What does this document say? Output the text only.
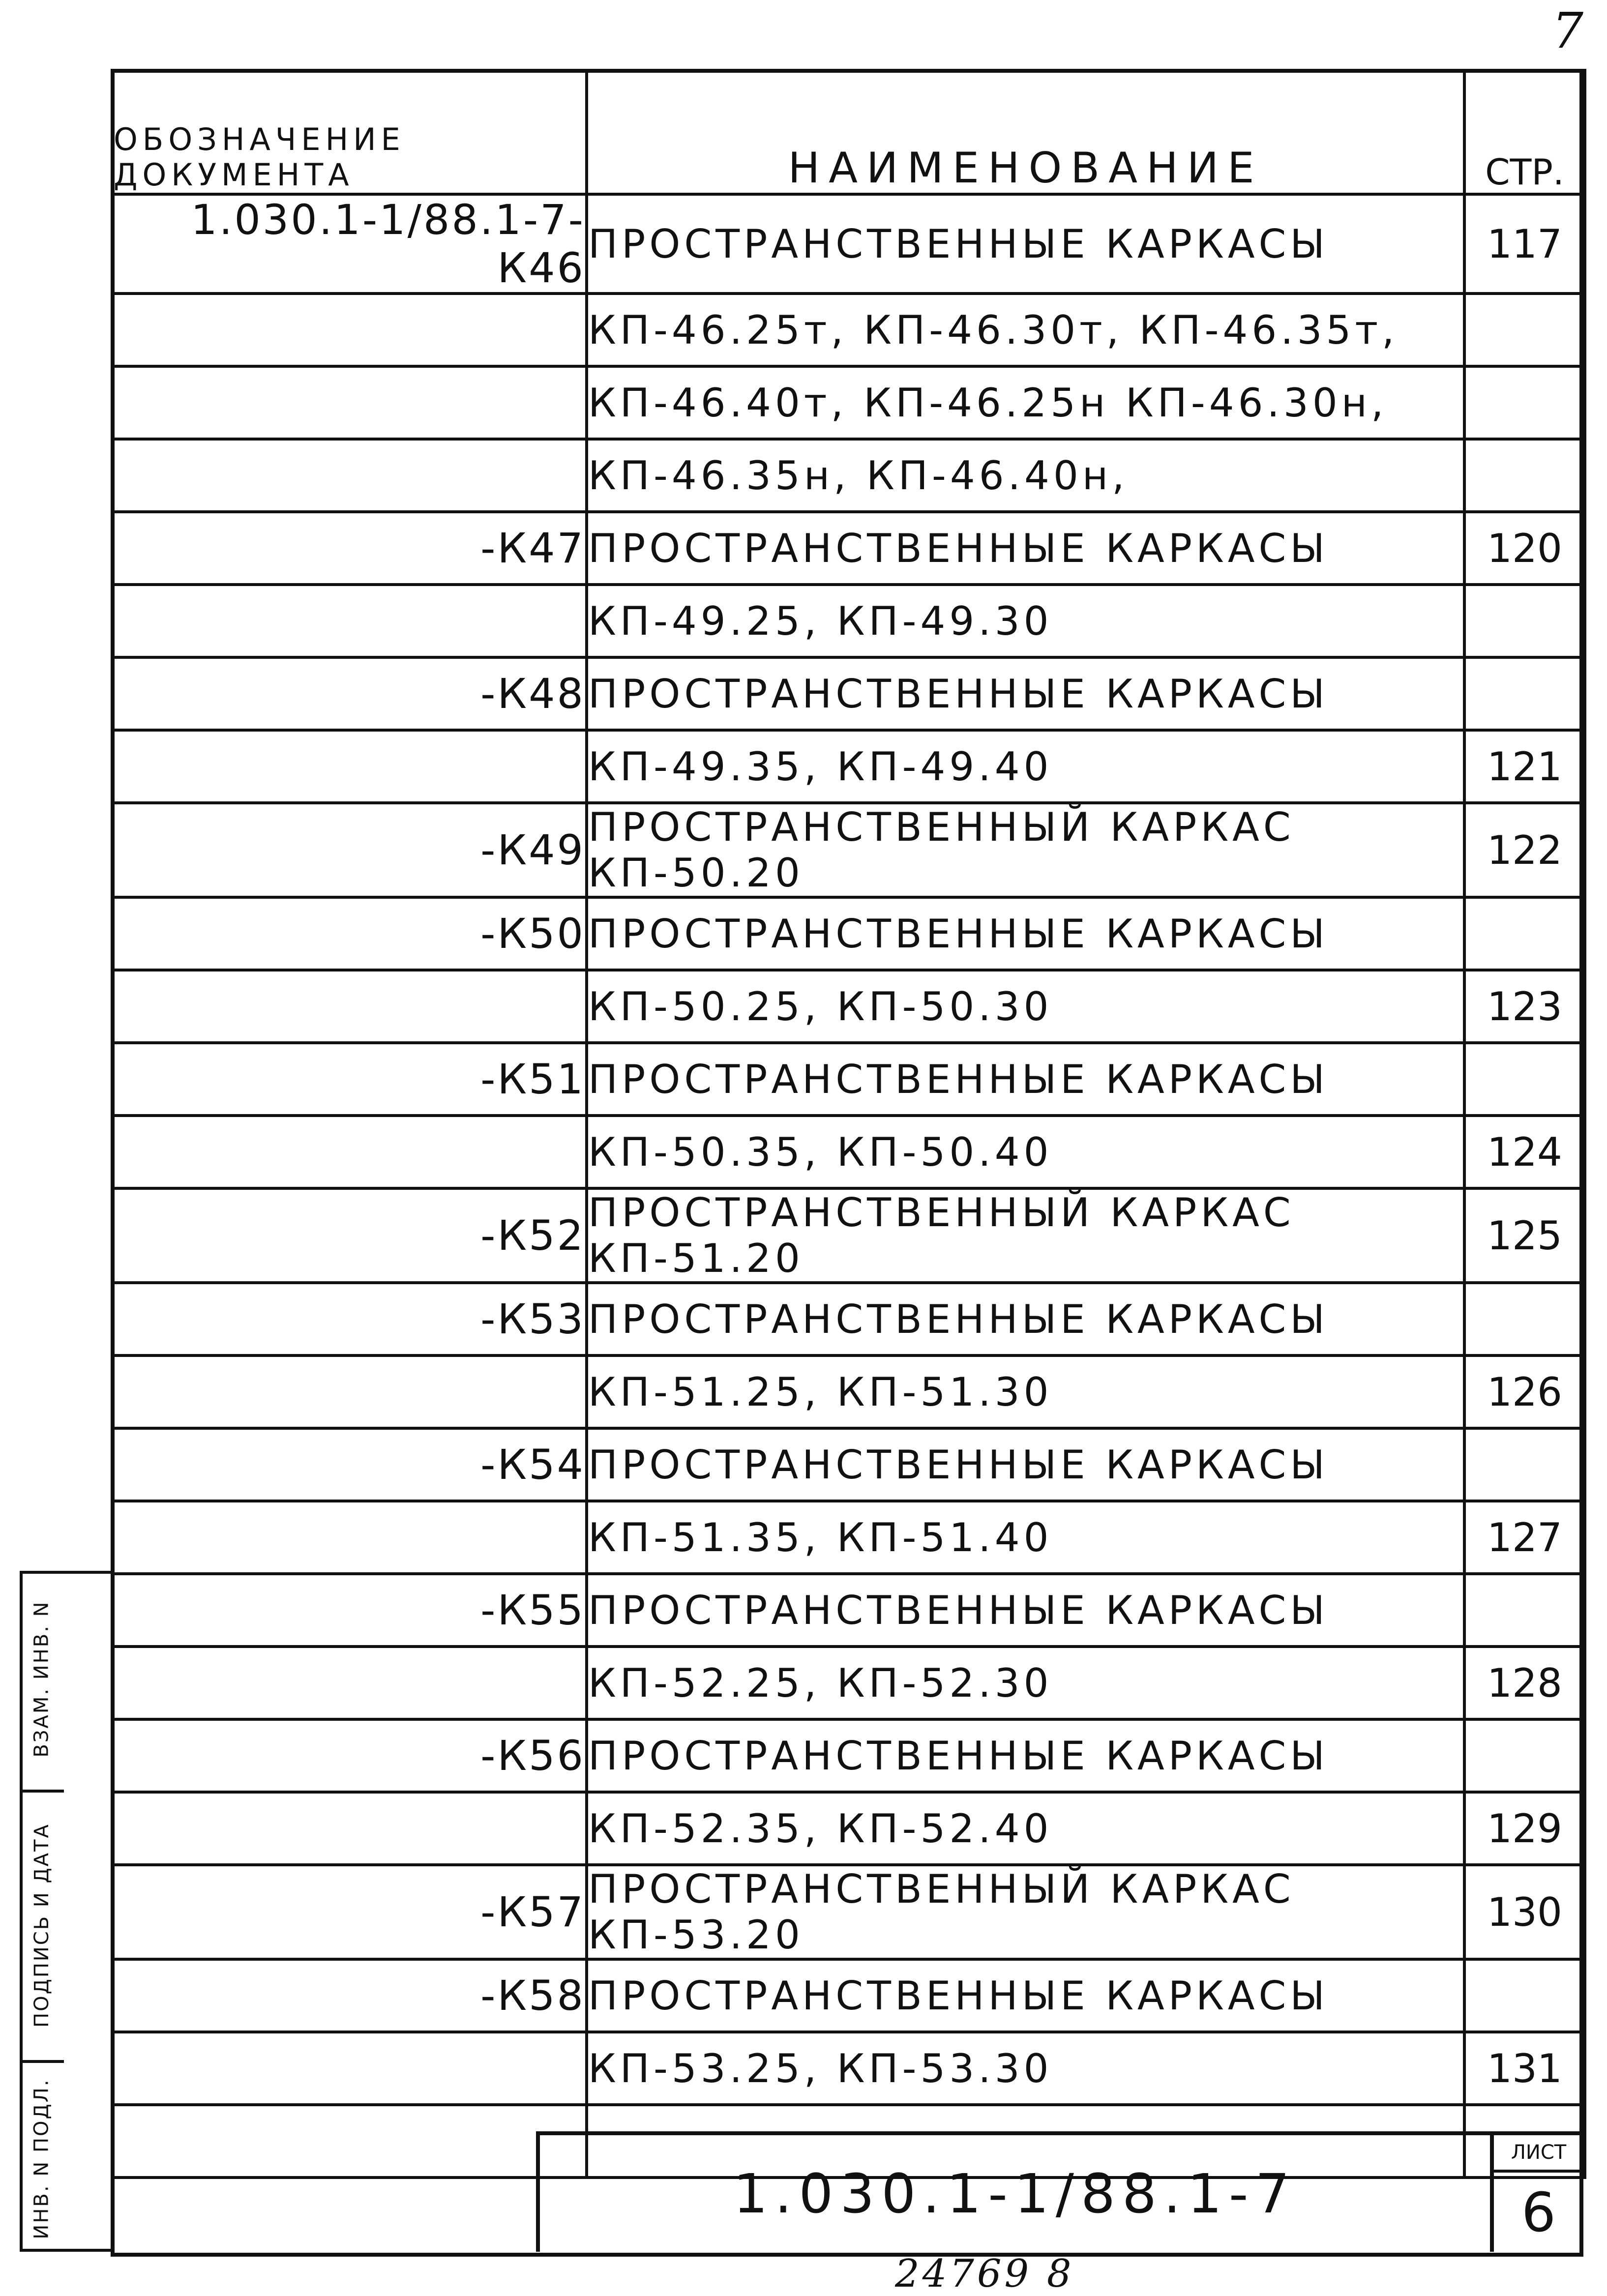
7
ОБОЗНАЧЕНИЕ
ДОКУМЕНТА	НАИМЕНОВАНИЕ	СТР.
1.030.1-1/88.1-7-К46	ПРОСТРАНСТВЕННЫЕ КАРКАСЫ	117
	КП-46.25т, КП-46.30т, КП-46.35т,	
	КП-46.40т, КП-46.25н КП-46.30н,	
	КП-46.35н, КП-46.40н,	
-К47	ПРОСТРАНСТВЕННЫЕ КАРКАСЫ	120
	КП-49.25, КП-49.30	
-К48	ПРОСТРАНСТВЕННЫЕ КАРКАСЫ	
	КП-49.35, КП-49.40	121
-К49	ПРОСТРАНСТВЕННЫЙ КАРКАС КП-50.20	122
-К50	ПРОСТРАНСТВЕННЫЕ КАРКАСЫ	
	КП-50.25, КП-50.30	123
-К51	ПРОСТРАНСТВЕННЫЕ КАРКАСЫ	
	КП-50.35, КП-50.40	124
-К52	ПРОСТРАНСТВЕННЫЙ КАРКАС КП-51.20	125
-К53	ПРОСТРАНСТВЕННЫЕ КАРКАСЫ	
	КП-51.25, КП-51.30	126
-К54	ПРОСТРАНСТВЕННЫЕ КАРКАСЫ	
	КП-51.35, КП-51.40	127
-К55	ПРОСТРАНСТВЕННЫЕ КАРКАСЫ	
	КП-52.25, КП-52.30	128
-К56	ПРОСТРАНСТВЕННЫЕ КАРКАСЫ	
	КП-52.35, КП-52.40	129
-К57	ПРОСТРАНСТВЕННЫЙ КАРКАС КП-53.20	130
-К58	ПРОСТРАНСТВЕННЫЕ КАРКАСЫ	
	КП-53.25, КП-53.30	131

ВЗАМ. ИНВ. N
ПОДПИСЬ И ДАТА
ИНВ. N ПОДЛ.	1.030.1-1/88.1-7
ЛИСТ
6
24769 8
